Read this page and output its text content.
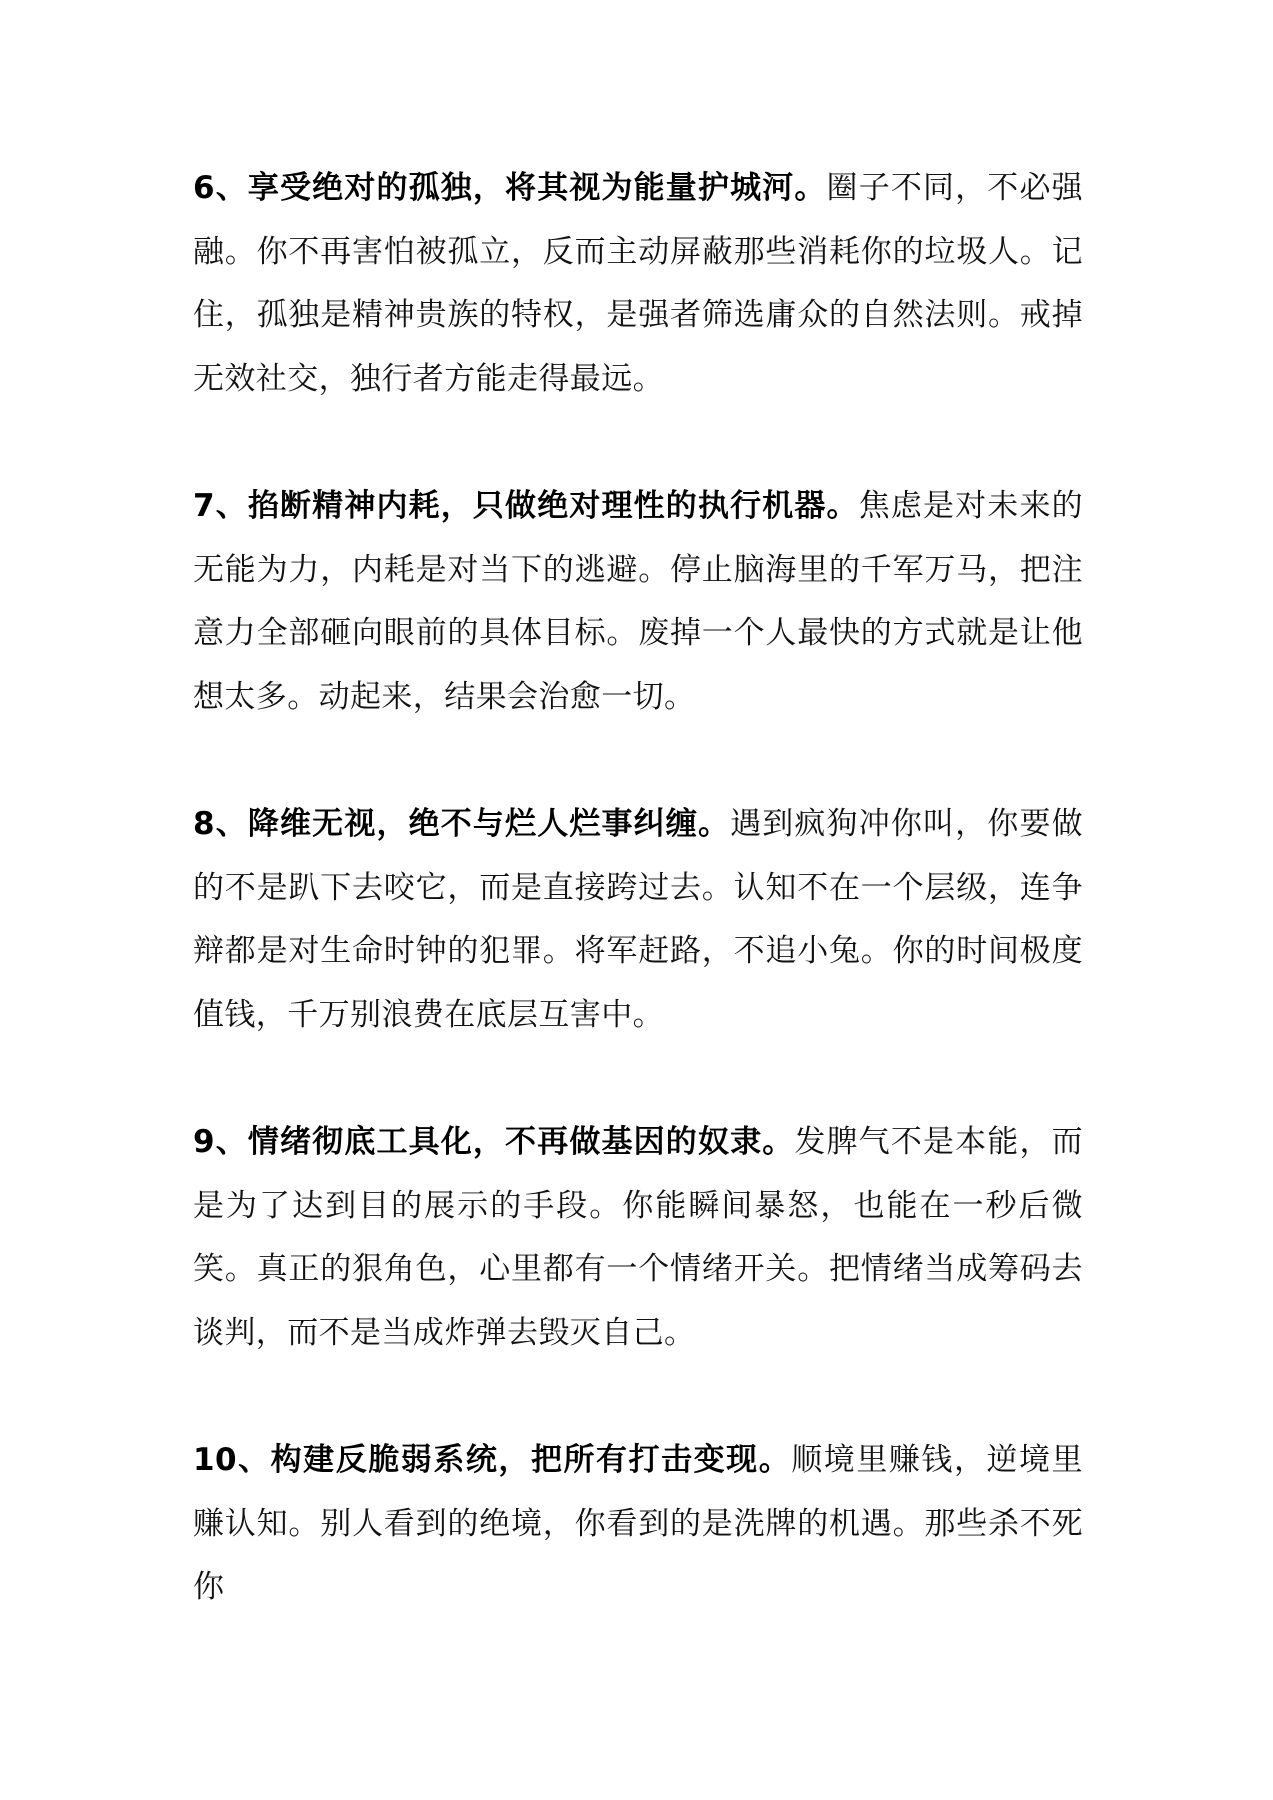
6、享受绝对的孤独，将其视为能量护城河。圈子不同，不必强融。你不再害怕被孤立，反而主动屏蔽那些消耗你的垃圾人。记住，孤独是精神贵族的特权，是强者筛选庸众的自然法则。戒掉无效社交，独行者方能走得最远。

7、掐断精神内耗，只做绝对理性的执行机器。焦虑是对未来的无能为力，内耗是对当下的逃避。停止脑海里的千军万马，把注意力全部砸向眼前的具体目标。废掉一个人最快的方式就是让他想太多。动起来，结果会治愈一切。

8、降维无视，绝不与烂人烂事纠缠。遇到疯狗冲你叫，你要做的不是趴下去咬它，而是直接跨过去。认知不在一个层级，连争辩都是对生命时钟的犯罪。将军赶路，不追小兔。你的时间极度值钱，千万别浪费在底层互害中。

9、情绪彻底工具化，不再做基因的奴隶。发脾气不是本能，而是为了达到目的展示的手段。你能瞬间暴怒，也能在一秒后微笑。真正的狠角色，心里都有一个情绪开关。把情绪当成筹码去谈判，而不是当成炸弹去毁灭自己。

10、构建反脆弱系统，把所有打击变现。顺境里赚钱，逆境里赚认知。别人看到的绝境，你看到的是洗牌的机遇。那些杀不死你
